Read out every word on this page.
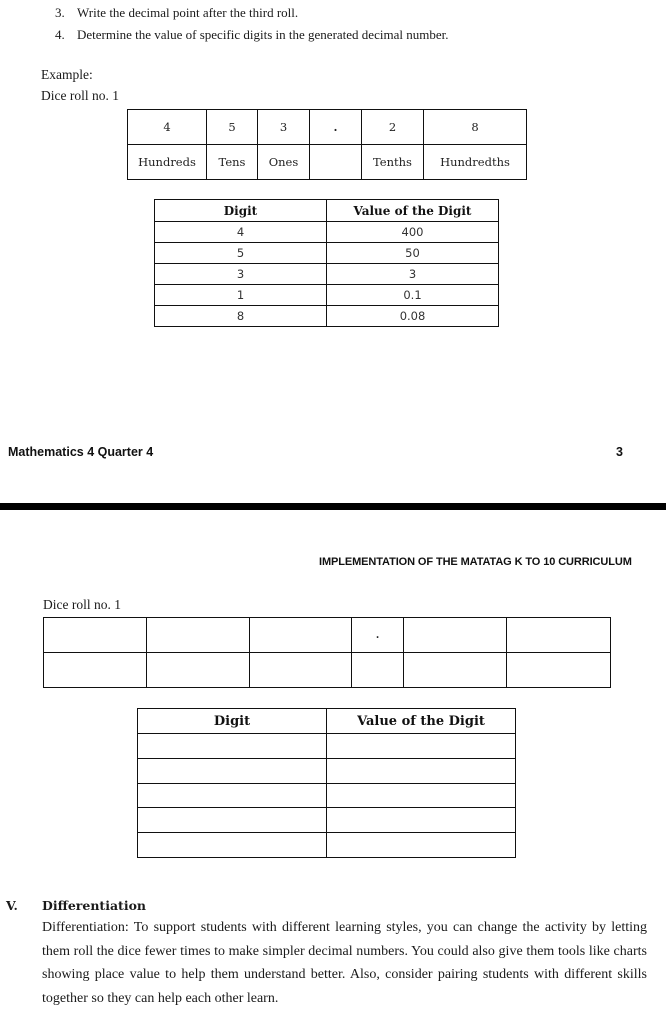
3. Write the decimal point after the third roll.
4. Determine the value of specific digits in the generated decimal number.
Example:
Dice roll no. 1
4	5	3	.	2	8
Hundreds	Tens	Ones		Tenths	Hundredths
Digit	Value of the Digit
4	400
5	50
3	3
1	0.1
8	0.08
Mathematics 4 Quarter 4	3
IMPLEMENTATION OF THE MATATAG K TO 10 CURRICULUM
Dice roll no. 1
			.		

Digit	Value of the Digit

V. Differentiation

Differentiation: To support students with different learning styles, you can change the activity by letting them roll the dice fewer times to make simpler decimal numbers. You could also give them tools like charts showing place value to help them understand better. Also, consider pairing students with different skills together so they can help each other learn.
